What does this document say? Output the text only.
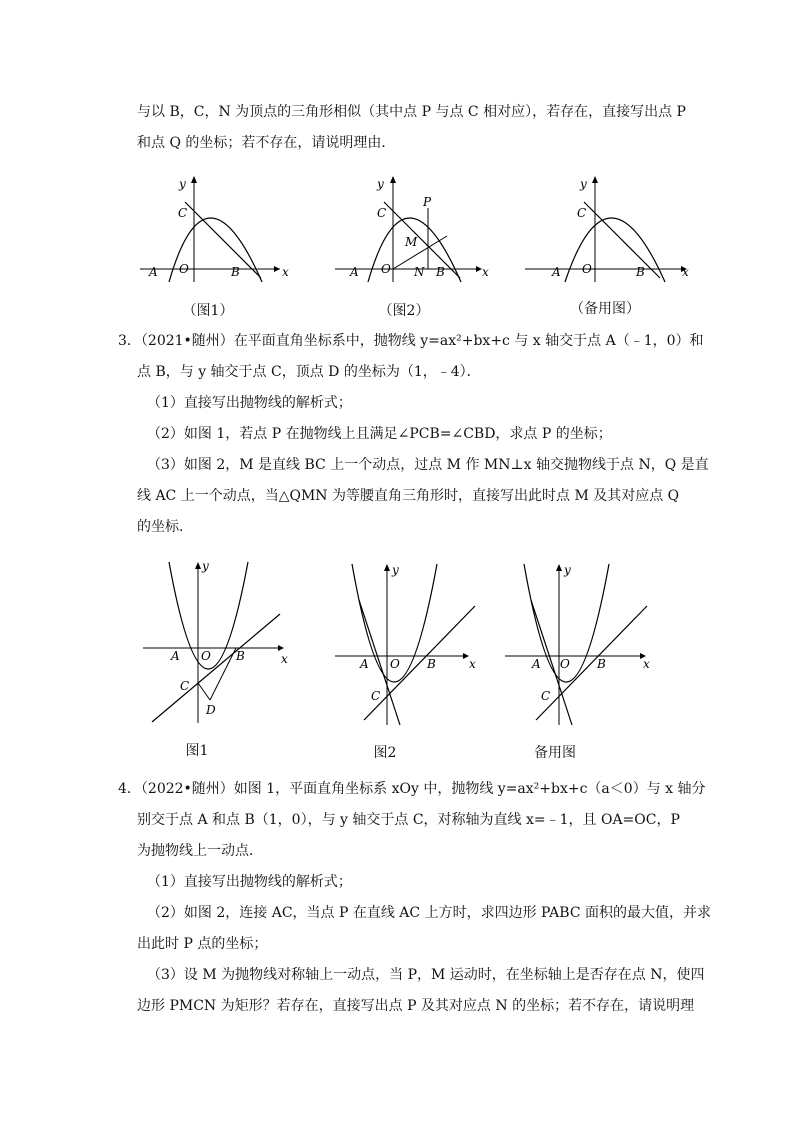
与以 B，C，N 为顶点的三角形相似（其中点 P 与点 C 相对应），若存在，直接写出点 P
和点 Q 的坐标；若不存在，请说明理由．
y
x
A O	B
C
（图1）
y
x
A O	B
C
P
M
N
（图2）
y
x
A O	B
C
（备用图）
3．（2021•随州）在平面直角坐标系中，抛物线 y=ax²+bx+c 与 x 轴交于点 A（﹣1，0）和
点 B，与 y 轴交于点 C，顶点 D 的坐标为（1，﹣4）．
（1）直接写出抛物线的解析式；
（2）如图 1，若点 P 在抛物线上且满足∠PCB=∠CBD，求点 P 的坐标；
（3）如图 2，M 是直线 BC 上一个动点，过点 M 作 MN⊥x 轴交抛物线于点 N，Q 是直
线 AC 上一个动点，当△QMN 为等腰直角三角形时，直接写出此时点 M 及其对应点 Q
的坐标．
y
x
A O B
C
D
图1
y
x
A O B
C
图2
y
x
A O B
C
备用图
4．（2022•随州）如图 1，平面直角坐标系 xOy 中，抛物线 y=ax²+bx+c（a＜0）与 x 轴分
别交于点 A 和点 B（1，0），与 y 轴交于点 C，对称轴为直线 x=﹣1，且 OA=OC，P
为抛物线上一动点．
（1）直接写出抛物线的解析式；
（2）如图 2，连接 AC，当点 P 在直线 AC 上方时，求四边形 PABC 面积的最大值，并求
出此时 P 点的坐标；
（3）设 M 为抛物线对称轴上一动点，当 P，M 运动时，在坐标轴上是否存在点 N，使四
边形 PMCN 为矩形？若存在，直接写出点 P 及其对应点 N 的坐标；若不存在，请说明理
